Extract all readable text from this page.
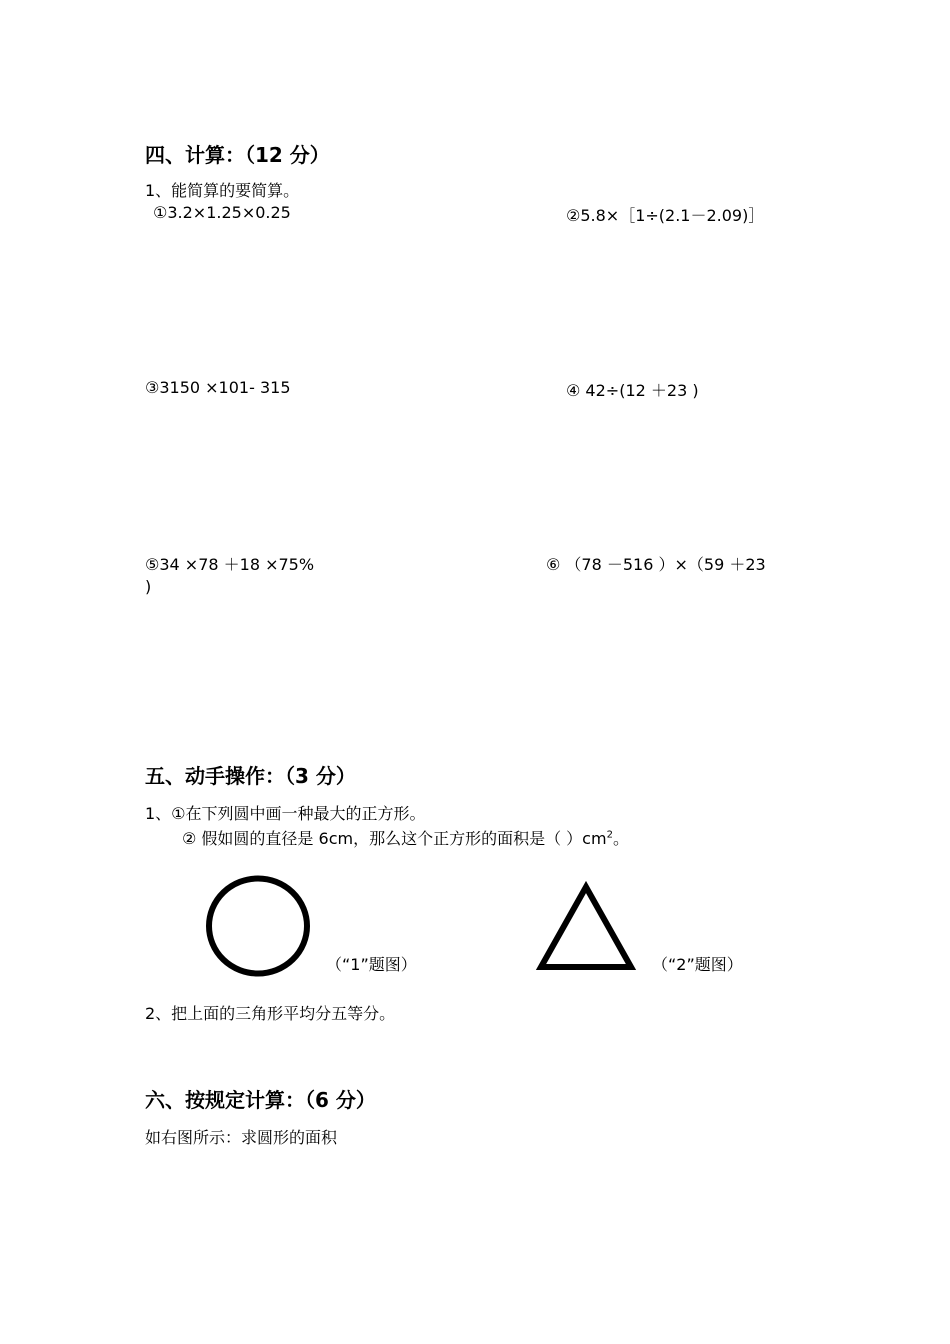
四、计算：（12 分）
1、能简算的要简算。
①3.2×1.25×0.25	②5.8×［1÷(2.1－2.09)］
③3150 ×101- 315	④ 42÷(12 ＋23 )
⑤34 ×78 ＋18 ×75%	⑥ （78 －516 ）×（59 ＋23
)
五、动手操作：（3 分）
1、①在下列圆中画一种最大的正方形。
② 假如圆的直径是 6cm，那么这个正方形的面积是（ ）$cm^2$。
（“1”题图）	（“2”题图）
2、把上面的三角形平均分五等分。
六、按规定计算：（6 分）
如右图所示：求圆形的面积
